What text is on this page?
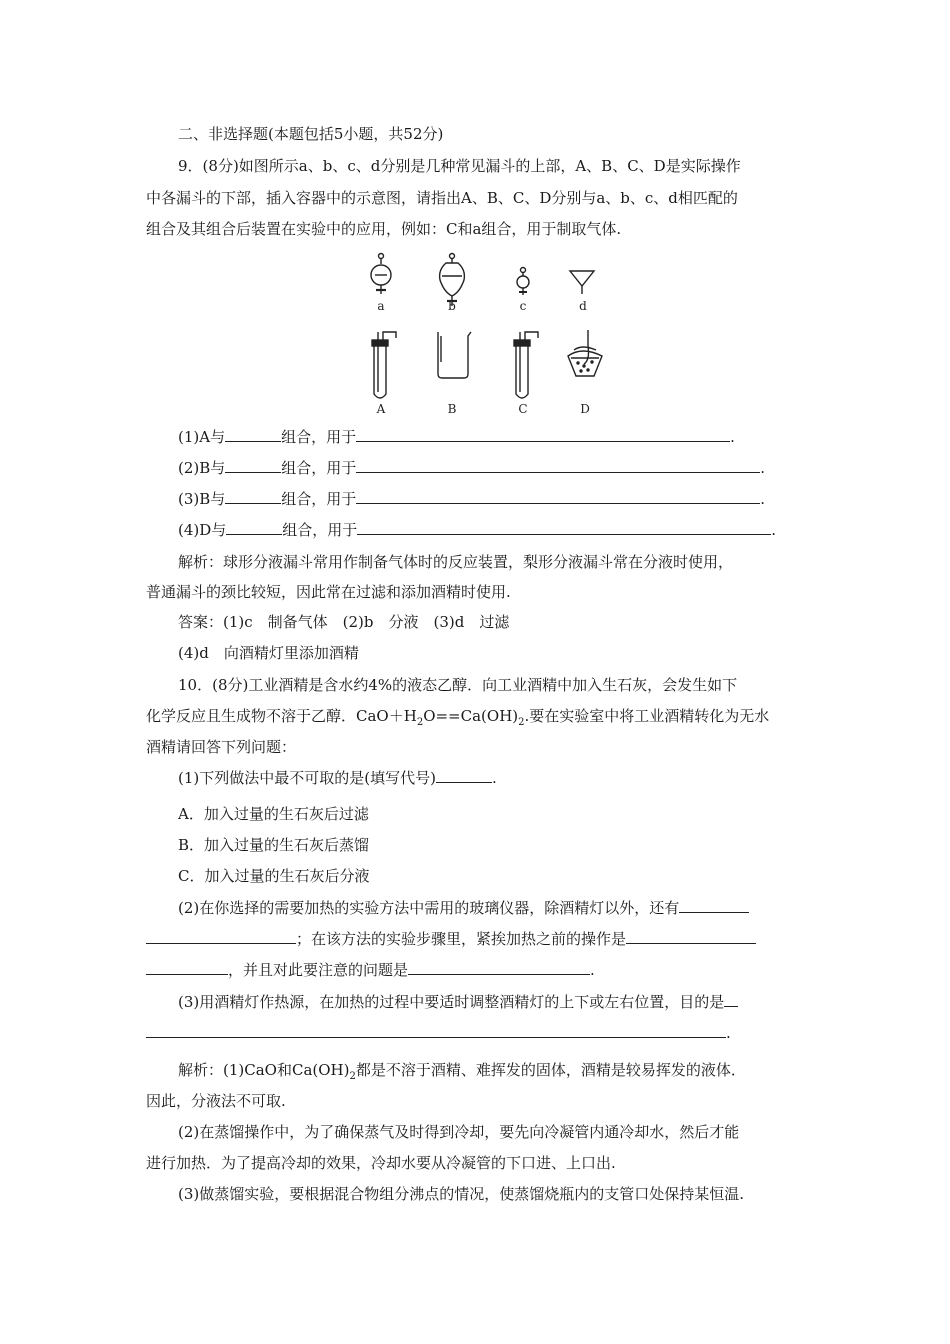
二、非选择题(本题包括5小题，共52分)
9．(8分)如图所示a、b、c、d分别是几种常见漏斗的上部，A、B、C、D是实际操作
中各漏斗的下部，插入容器中的示意图，请指出A、B、C、D分别与a、b、c、d相匹配的
组合及其组合后装置在实验中的应用，例如：C和a组合，用于制取气体.
a	b	c	d
A	B	C	D
(1)A与	组合，用于	.
(2)B与	组合，用于	.
(3)B与	组合，用于	.
(4)D与	组合，用于	.
解析：球形分液漏斗常用作制备气体时的反应装置，梨形分液漏斗常在分液时使用，
普通漏斗的颈比较短，因此常在过滤和添加酒精时使用.
答案：(1)c　制备气体　(2)b　分液　(3)d　过滤
(4)d　向酒精灯里添加酒精
10．(8分)工业酒精是含水约4%的液态乙醇．向工业酒精中加入生石灰，会发生如下
化学反应且生成物不溶于乙醇．$CaO+H_2O==Ca(OH)_2$.要在实验室中将工业酒精转化为无水
酒精请回答下列问题：
(1)下列做法中最不可取的是(填写代号)	.
A．加入过量的生石灰后过滤
B．加入过量的生石灰后蒸馏
C．加入过量的生石灰后分液
(2)在你选择的需要加热的实验方法中需用的玻璃仪器，除酒精灯以外，还有
；在该方法的实验步骤里，紧挨加热之前的操作是
，并且对此要注意的问题是	.
(3)用酒精灯作热源，在加热的过程中要适时调整酒精灯的上下或左右位置，目的是
.
解析：(1)CaO和$Ca(OH)_2$都是不溶于酒精、难挥发的固体，酒精是较易挥发的液体．
因此，分液法不可取.
(2)在蒸馏操作中，为了确保蒸气及时得到冷却，要先向冷凝管内通冷却水，然后才能
进行加热．为了提高冷却的效果，冷却水要从冷凝管的下口进、上口出.
(3)做蒸馏实验，要根据混合物组分沸点的情况，使蒸馏烧瓶内的支管口处保持某恒温.
